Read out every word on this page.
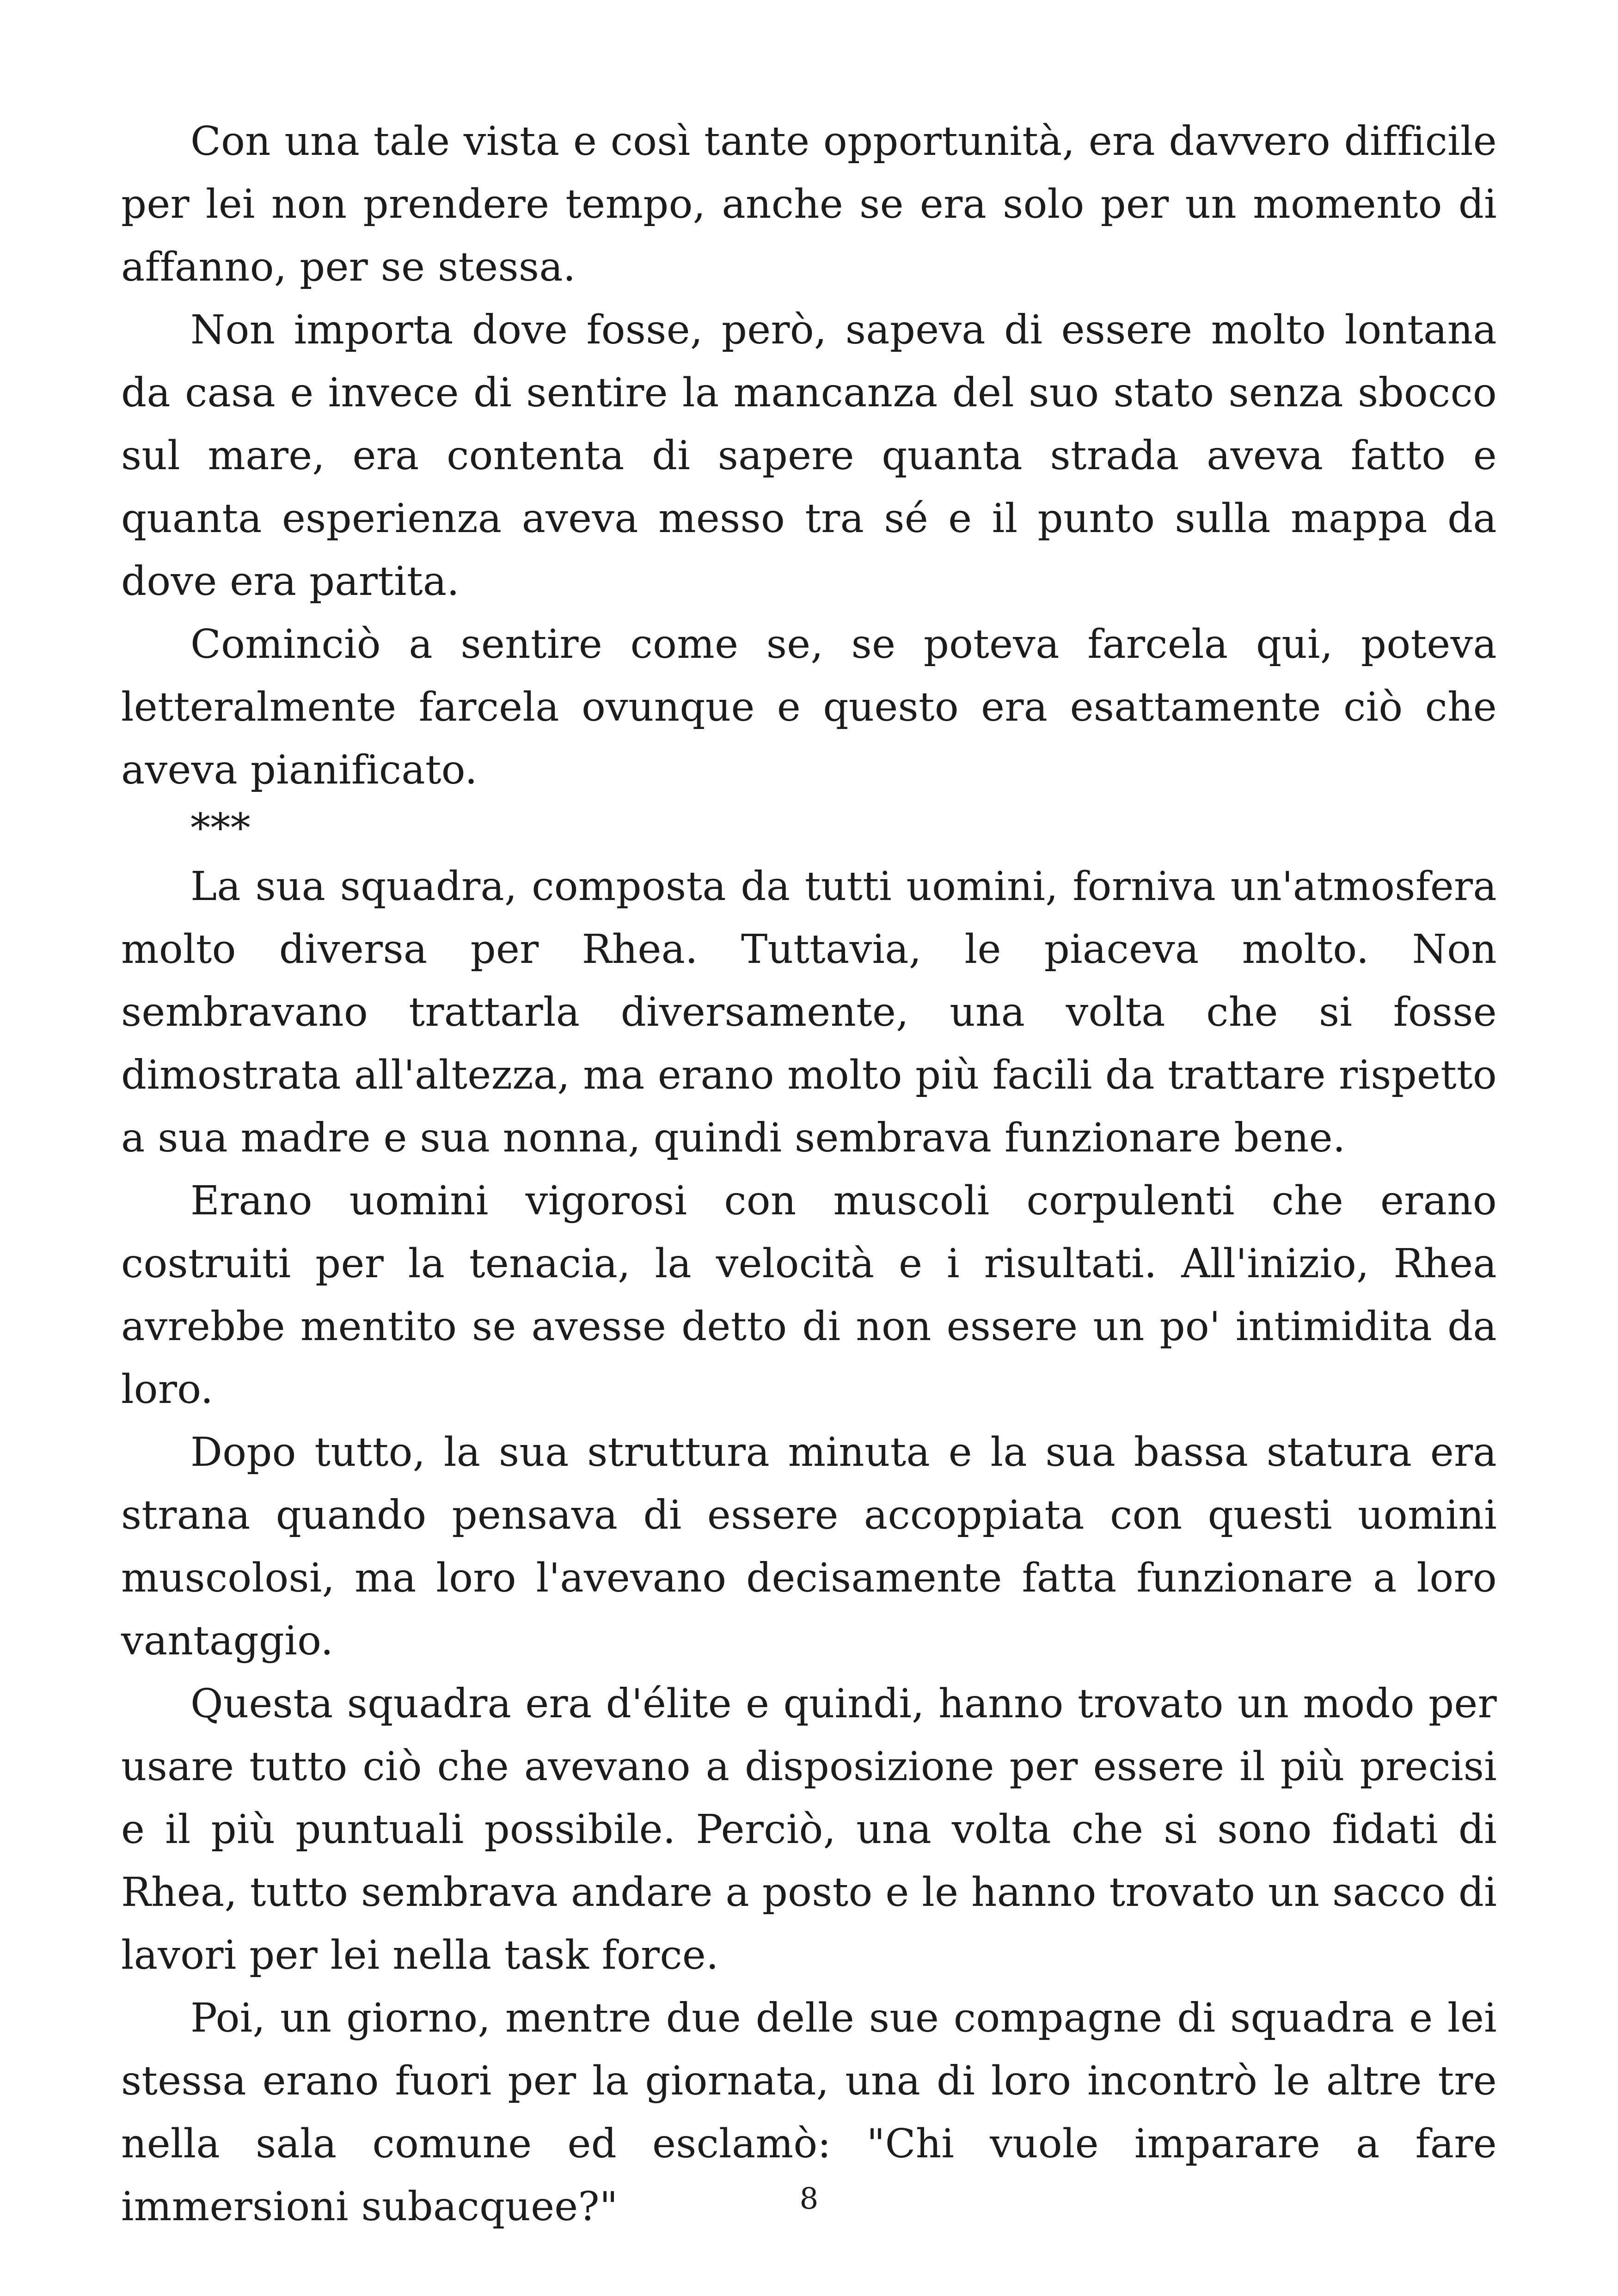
Con una tale vista e così tante opportunità, era davvero difficile per lei non prendere tempo, anche se era solo per un momento di affanno, per se stessa.

Non importa dove fosse, però, sapeva di essere molto lontana da casa e invece di sentire la mancanza del suo stato senza sbocco sul mare, era contenta di sapere quanta strada aveva fatto e quanta esperienza aveva messo tra sé e il punto sulla mappa da dove era partita.

Cominciò a sentire come se, se poteva farcela qui, poteva letteralmente farcela ovunque e questo era esattamente ciò che aveva pianificato.

***

La sua squadra, composta da tutti uomini, forniva un'atmosfera molto diversa per Rhea. Tuttavia, le piaceva molto. Non sembravano trattarla diversamente, una volta che si fosse dimostrata all'altezza, ma erano molto più facili da trattare rispetto a sua madre e sua nonna, quindi sembrava funzionare bene.

Erano uomini vigorosi con muscoli corpulenti che erano costruiti per la tenacia, la velocità e i risultati. All'inizio, Rhea avrebbe mentito se avesse detto di non essere un po' intimidita da loro.

Dopo tutto, la sua struttura minuta e la sua bassa statura era strana quando pensava di essere accoppiata con questi uomini muscolosi, ma loro l'avevano decisamente fatta funzionare a loro vantaggio.

Questa squadra era d'élite e quindi, hanno trovato un modo per usare tutto ciò che avevano a disposizione per essere il più precisi e il più puntuali possibile. Perciò, una volta che si sono fidati di Rhea, tutto sembrava andare a posto e le hanno trovato un sacco di lavori per lei nella task force.

Poi, un giorno, mentre due delle sue compagne di squadra e lei stessa erano fuori per la giornata, una di loro incontrò le altre tre nella sala comune ed esclamò: "Chi vuole imparare a fare immersioni subacquee?"	8
